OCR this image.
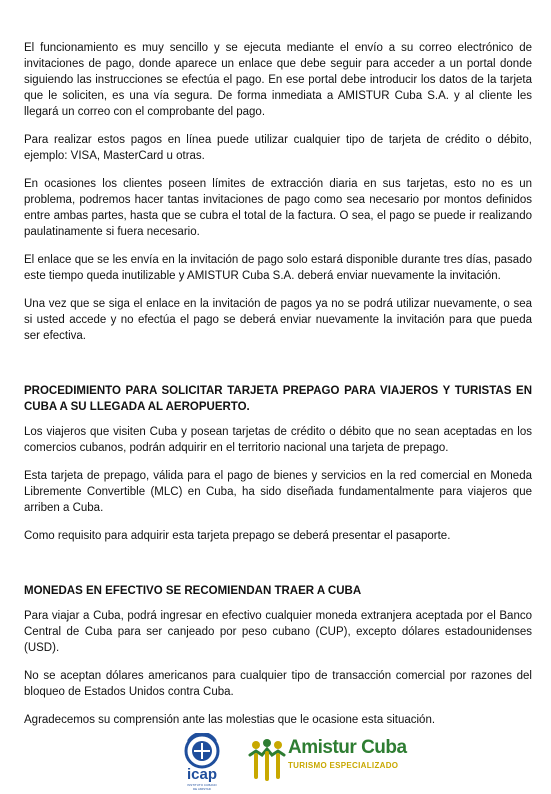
El funcionamiento es muy sencillo y se ejecuta mediante el envío a su correo electrónico de invitaciones de pago, donde aparece un enlace que debe seguir para acceder a un portal donde siguiendo las instrucciones se efectúa el pago. En ese portal debe introducir los datos de la tarjeta que le soliciten, es una vía segura. De forma inmediata a AMISTUR Cuba S.A. y al cliente les llegará un correo con el comprobante del pago.

Para realizar estos pagos en línea puede utilizar cualquier tipo de tarjeta de crédito o débito, ejemplo: VISA, MasterCard u otras.

En ocasiones los clientes poseen límites de extracción diaria en sus tarjetas, esto no es un problema, podremos hacer tantas invitaciones de pago como sea necesario por montos definidos entre ambas partes, hasta que se cubra el total de la factura. O sea, el pago se puede ir realizando paulatinamente si fuera necesario.

El enlace que se les envía en la invitación de pago solo estará disponible durante tres días, pasado este tiempo queda inutilizable y AMISTUR Cuba S.A. deberá enviar nuevamente la invitación.

Una vez que se siga el enlace en la invitación de pagos ya no se podrá utilizar nuevamente, o sea si usted accede y no efectúa el pago se deberá enviar nuevamente la invitación para que pueda ser efectiva.

PROCEDIMIENTO PARA SOLICITAR TARJETA PREPAGO PARA VIAJEROS Y TURISTAS EN CUBA A SU LLEGADA AL AEROPUERTO.

Los viajeros que visiten Cuba y posean tarjetas de crédito o débito que no sean aceptadas en los comercios cubanos, podrán adquirir en el territorio nacional una tarjeta de prepago.

Esta tarjeta de prepago, válida para el pago de bienes y servicios en la red comercial en Moneda Libremente Convertible (MLC) en Cuba, ha sido diseñada fundamentalmente para viajeros que arriben a Cuba.

Como requisito para adquirir esta tarjeta prepago se deberá presentar el pasaporte.

MONEDAS EN EFECTIVO SE RECOMIENDAN TRAER A CUBA

Para viajar a Cuba, podrá ingresar en efectivo cualquier moneda extranjera aceptada por el Banco Central de Cuba para ser canjeado por peso cubano (CUP), excepto dólares estadounidenses (USD).

No se aceptan dólares americanos para cualquier tipo de transacción comercial por razones del bloqueo de Estados Unidos contra Cuba.

Agradecemos su comprensión ante las molestias que le ocasione esta situación.

icap
INSTITUTO CUBANO
DE AMISTAD
Amistur Cuba
TURISMO ESPECIALIZADO
